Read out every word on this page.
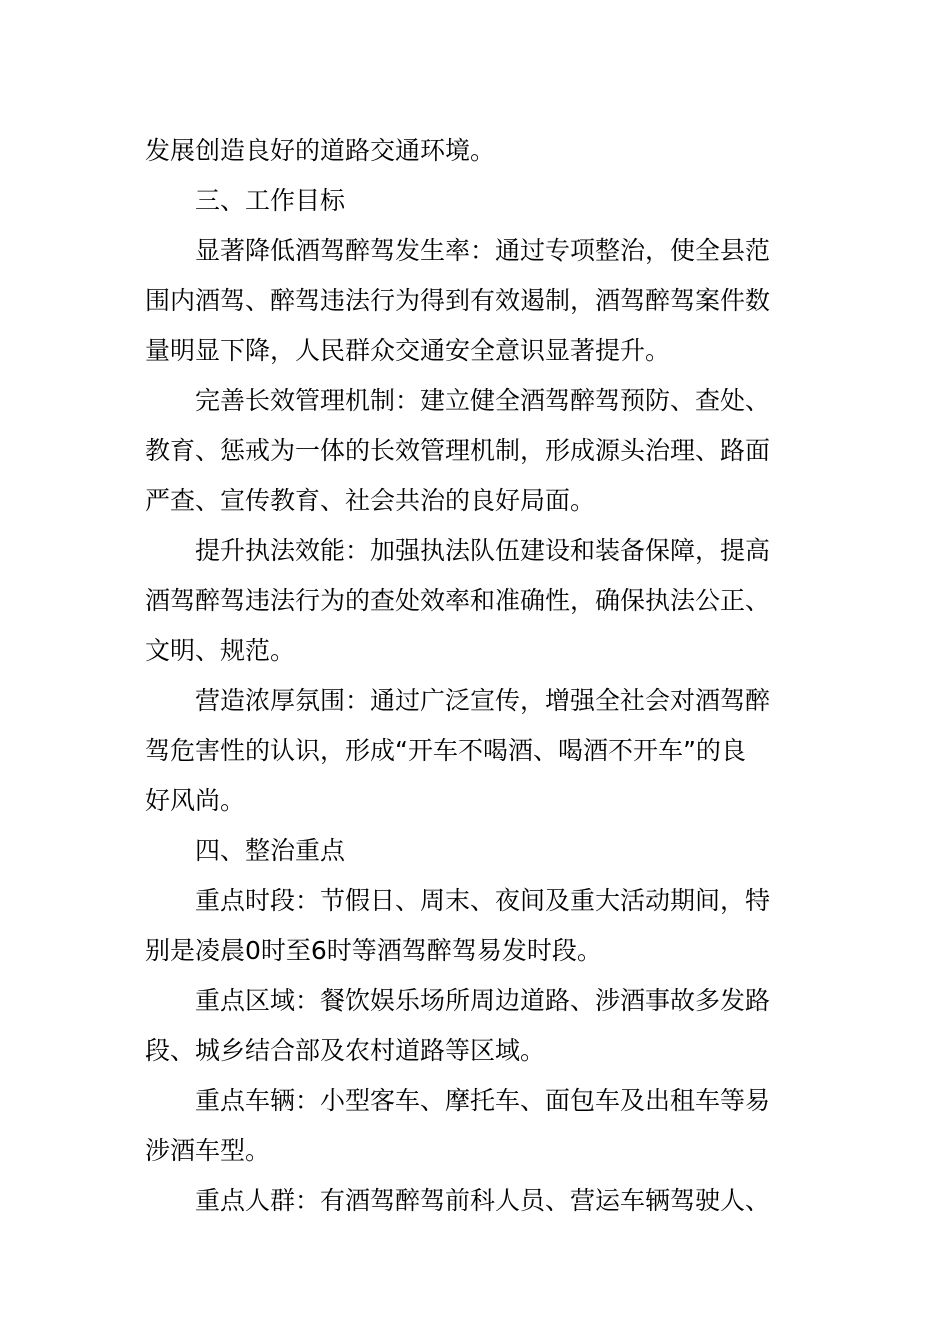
发展创造良好的道路交通环境。

三、工作目标

显著降低酒驾醉驾发生率：通过专项整治，使全县范

围内酒驾、醉驾违法行为得到有效遏制，酒驾醉驾案件数

量明显下降，人民群众交通安全意识显著提升。

完善长效管理机制：建立健全酒驾醉驾预防、查处、

教育、惩戒为一体的长效管理机制，形成源头治理、路面

严查、宣传教育、社会共治的良好局面。

提升执法效能：加强执法队伍建设和装备保障，提高

酒驾醉驾违法行为的查处效率和准确性，确保执法公正、

文明、规范。

营造浓厚氛围：通过广泛宣传，增强全社会对酒驾醉

驾危害性的认识，形成“开车不喝酒、喝酒不开车”的良

好风尚。

四、整治重点

重点时段：节假日、周末、夜间及重大活动期间，特

别是凌晨0时至6时等酒驾醉驾易发时段。

重点区域：餐饮娱乐场所周边道路、涉酒事故多发路

段、城乡结合部及农村道路等区域。

重点车辆：小型客车、摩托车、面包车及出租车等易

涉酒车型。

重点人群：有酒驾醉驾前科人员、营运车辆驾驶人、
